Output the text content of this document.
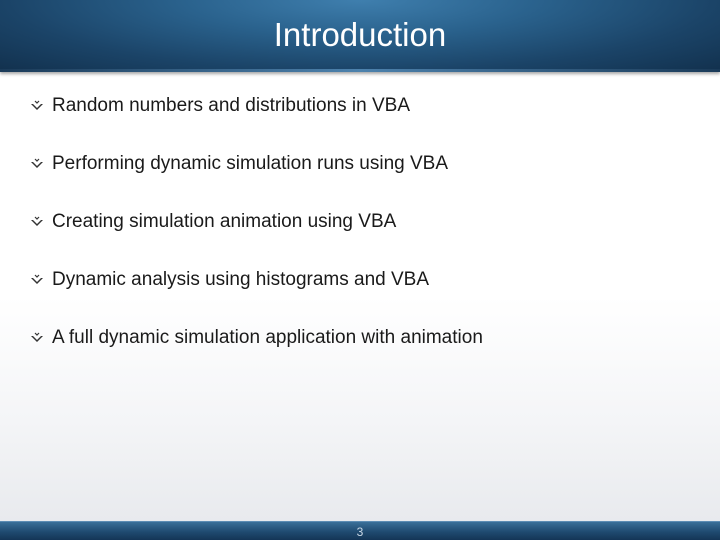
Introduction
Random numbers and distributions in VBA
Performing dynamic simulation runs using VBA
Creating simulation animation using VBA
Dynamic analysis using histograms and VBA
A full dynamic simulation application with animation
3
